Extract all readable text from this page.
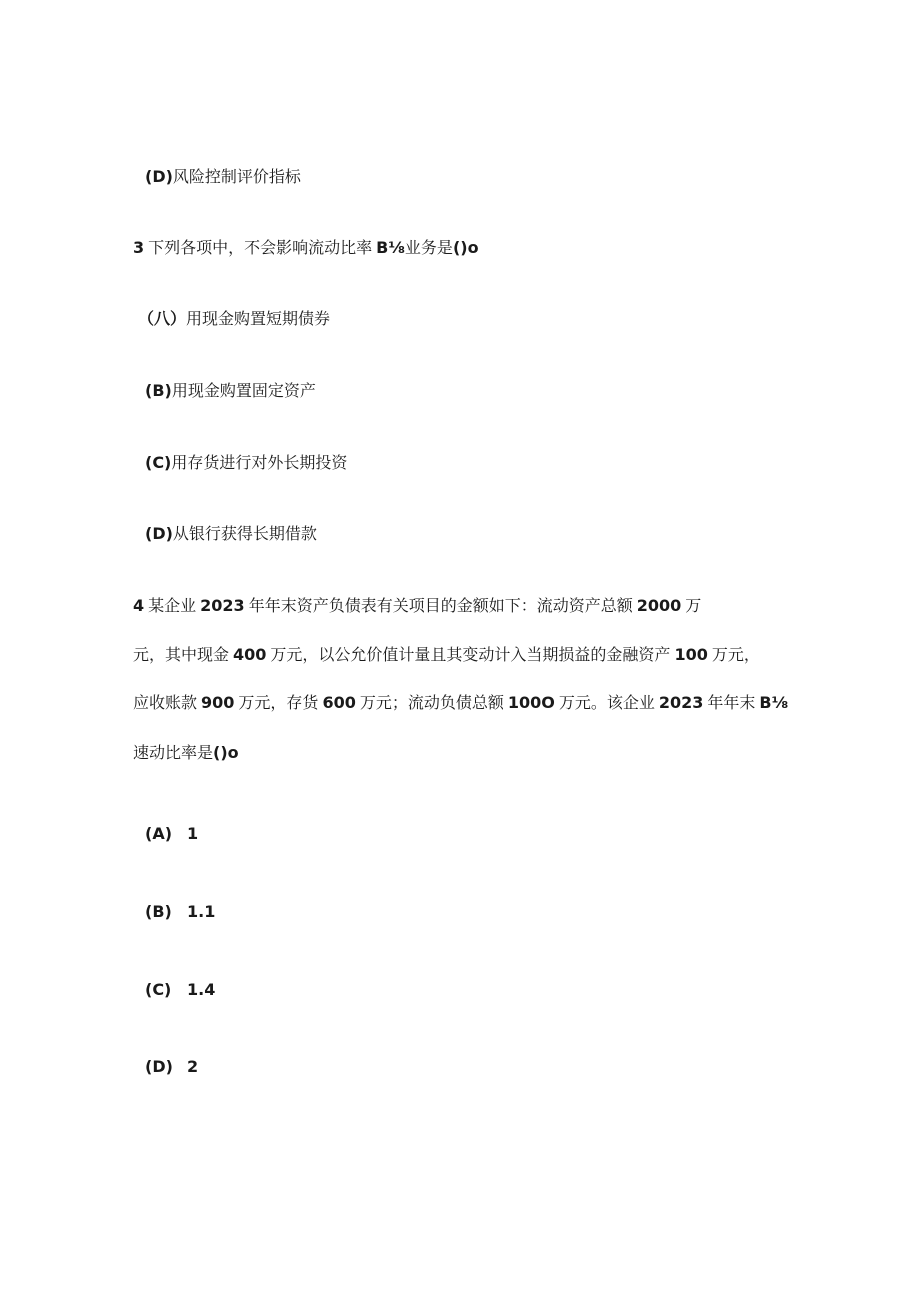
(D)风险控制评价指标
3 下列各项中，不会影响流动比率 B⅛业务是()o
（八）用现金购置短期债券
(B)用现金购置固定资产
(C)用存货进行对外长期投资
(D)从银行获得长期借款
4 某企业 2023 年年末资产负债表有关项目的金额如下：流动资产总额 2000 万
元，其中现金 400 万元，以公允价值计量且其变动计入当期损益的金融资产 100 万元，
应收账款 900 万元，存货 600 万元；流动负债总额 100O 万元。该企业 2023 年年末 B⅛
速动比率是()o
(A) 1
(B) 1.1
(C) 1.4
(D) 2
